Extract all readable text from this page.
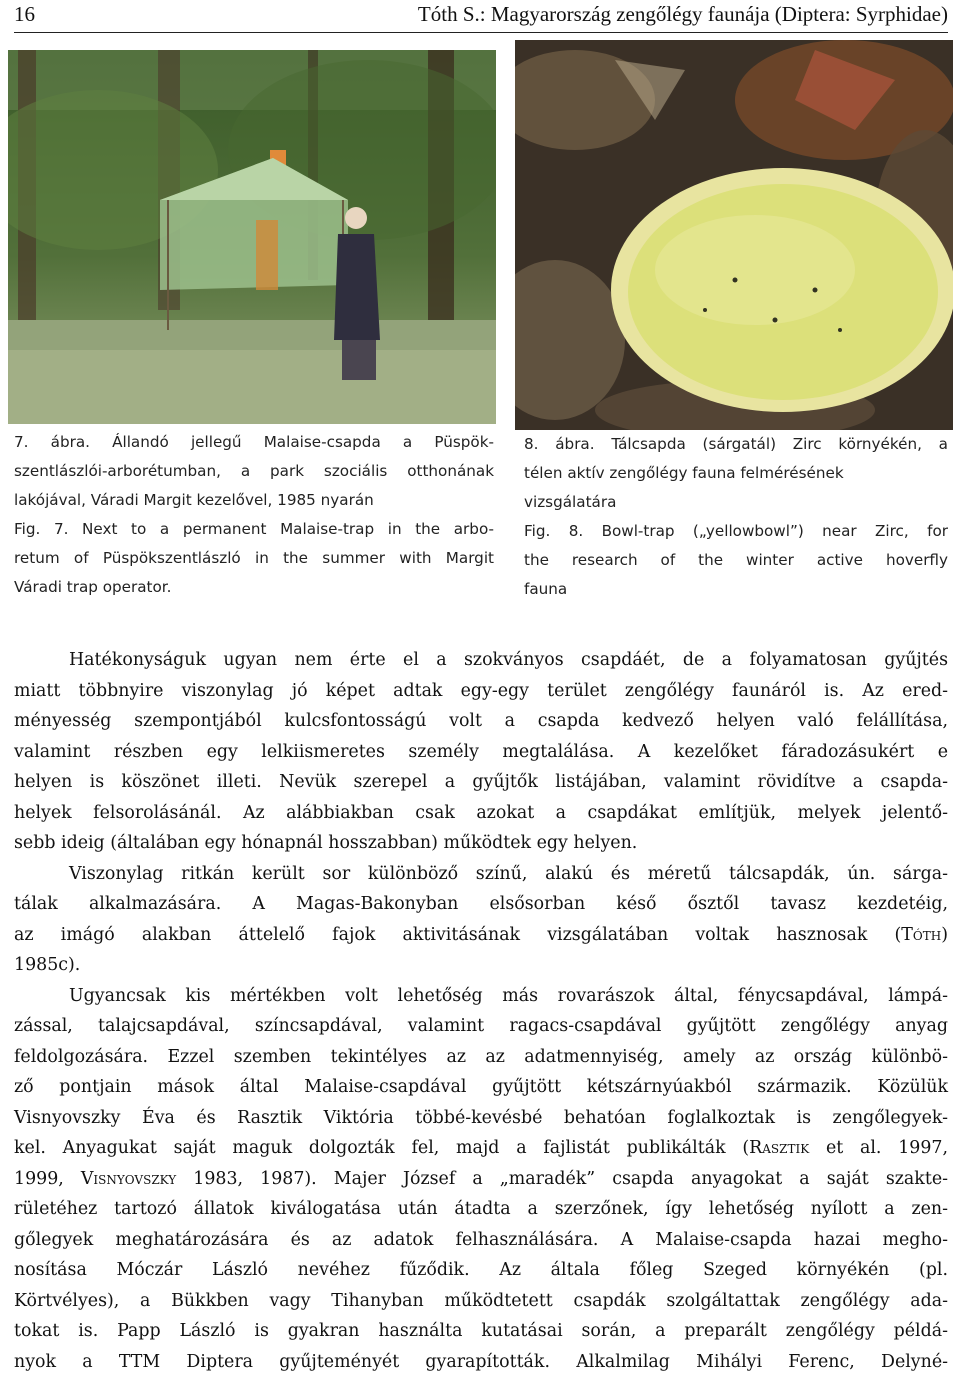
16	Tóth S.: Magyarország zengőlégy faunája (Diptera: Syrphidae)
7. ábra. Állandó jellegű Malaise-csapda a Püspök-
szentlászlói-arborétumban, a park szociális otthonának
lakójával, Váradi Margit kezelővel, 1985 nyarán
Fig. 7. Next to a permanent Malaise-trap in the arbo-
retum of Püspökszentlászló in the summer with Margit
Váradi trap operator.
8. ábra. Tálcsapda (sárgatál) Zirc környékén, a
télen aktív zengőlégy fauna felmérésének
vizsgálatára
Fig. 8. Bowl-trap („yellowbowl”) near Zirc, for
the research of the winter active hoverfly
fauna
Hatékonyságuk ugyan nem érte el a szokványos csapdáét, de a folyamatosan gyűjtés
miatt többnyire viszonylag jó képet adtak egy-egy terület zengőlégy faunáról is. Az ered-
ményesség szempontjából kulcsfontosságú volt a csapda kedvező helyen való felállítása,
valamint részben egy lelkiismeretes személy megtalálása. A kezelőket fáradozásukért e
helyen is köszönet illeti. Nevük szerepel a gyűjtők listájában, valamint rövidítve a csapda-
helyek felsorolásánál. Az alábbiakban csak azokat a csapdákat említjük, melyek jelentő-
sebb ideig (általában egy hónapnál hosszabban) működtek egy helyen.
Viszonylag ritkán került sor különböző színű, alakú és méretű tálcsapdák, ún. sárga-
tálak alkalmazására. A Magas-Bakonyban elsősorban késő ősztől tavasz kezdetéig,
az imágó alakban áttelelő fajok aktivitásának vizsgálatában voltak hasznosak (Tóth)
1985c).
Ugyancsak kis mértékben volt lehetőség más rovarászok által, fénycsapdával, lámpá-
zással, talajcsapdával, színcsapdával, valamint ragacs-csapdával gyűjtött zengőlégy anyag
feldolgozására. Ezzel szemben tekintélyes az az adatmennyiség, amely az ország különbö-
ző pontjain mások által Malaise-csapdával gyűjtött kétszárnyúakból származik. Közülük
Visnyovszky Éva és Rasztik Viktória többé-kevésbé behatóan foglalkoztak is zengőlegyek-
kel. Anyagukat saját maguk dolgozták fel, majd a fajlistát publikálták (Rasztik et al. 1997,
1999, Visnyovszky 1983, 1987). Majer József a „maradék” csapda anyagokat a saját szakte-
rületéhez tartozó állatok kiválogatása után átadta a szerzőnek, így lehetőség nyílott a zen-
gőlegyek meghatározására és az adatok felhasználására. A Malaise-csapda hazai megho-
nosítása Móczár László nevéhez fűződik. Az általa főleg Szeged környékén (pl.
Körtvélyes), a Bükkben vagy Tihanyban működtetett csapdák szolgáltattak zengőlégy ada-
tokat is. Papp László is gyakran használta kutatásai során, a preparált zengőlégy példá-
nyok a TTM Diptera gyűjteményét gyarapították. Alkalmilag Mihályi Ferenc, Delyné-
